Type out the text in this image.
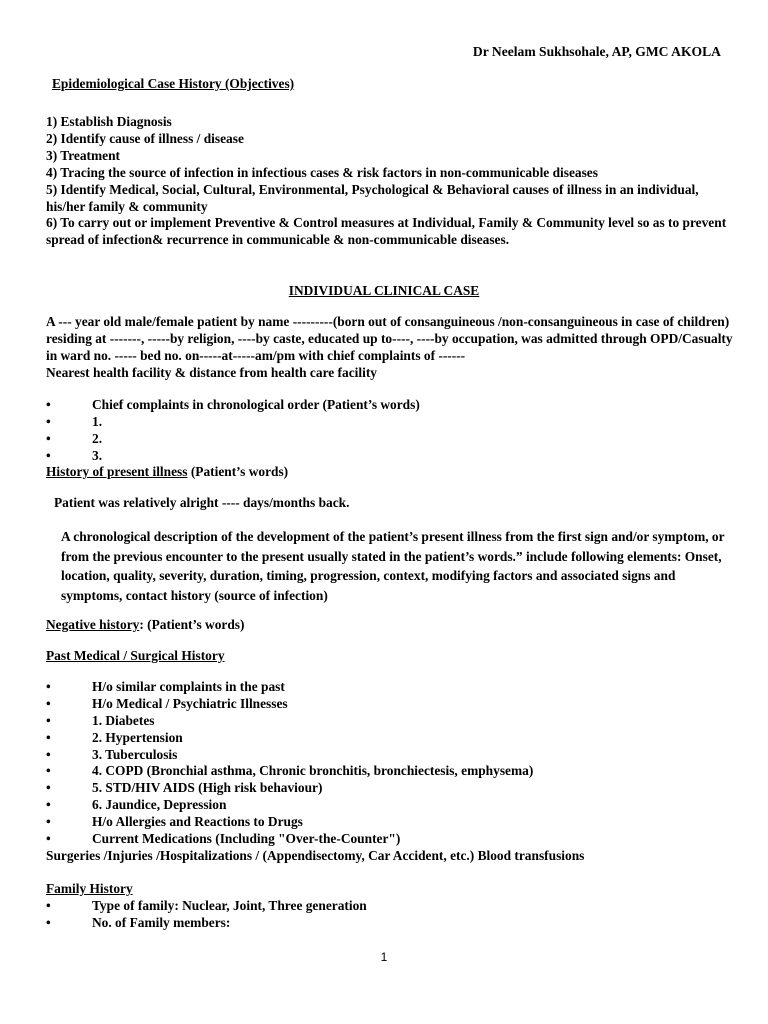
Dr Neelam Sukhsohale, AP, GMC AKOLA
Epidemiological Case History (Objectives)
1) Establish Diagnosis
2) Identify cause of illness / disease
3) Treatment
4) Tracing the source of infection in infectious cases & risk factors in non-communicable diseases
5) Identify Medical, Social, Cultural, Environmental, Psychological & Behavioral causes of illness in an individual, his/her family & community
6) To carry out or implement Preventive & Control measures at Individual, Family & Community level so as to prevent spread of infection& recurrence in communicable & non-communicable diseases.
INDIVIDUAL CLINICAL CASE
A --- year old male/female patient by name ---------(born out of consanguineous /non-consanguineous in case of children) residing at -------, -----by religion, ----by caste, educated up to----, ----by occupation, was admitted through OPD/Casualty in ward no. ----- bed no. on-----at-----am/pm with chief complaints of ------
Nearest health facility & distance from health care facility
•	Chief complaints in chronological order (Patient’s words)
•	1.
•	2.
•	3.
History of present illness (Patient’s words)
Patient was relatively alright ---- days/months back.
A chronological description of the development of the patient’s present illness from the first sign and/or symptom, or from the previous encounter to the present usually stated in the patient’s words.” include following elements: Onset, location, quality, severity, duration, timing, progression, context, modifying factors and associated signs and symptoms, contact history (source of infection)
Negative history: (Patient’s words)
Past Medical / Surgical History
•	H/o similar complaints in the past
•	H/o Medical / Psychiatric Illnesses
•	1. Diabetes
•	2. Hypertension
•	3. Tuberculosis
•	4. COPD (Bronchial asthma, Chronic bronchitis, bronchiectesis, emphysema)
•	5. STD/HIV AIDS (High risk behaviour)
•	6. Jaundice, Depression
•	H/o Allergies and Reactions to Drugs
•	Current Medications (Including "Over-the-Counter")
Surgeries /Injuries /Hospitalizations / (Appendisectomy, Car Accident, etc.) Blood transfusions
Family History
•	Type of family: Nuclear, Joint, Three generation
•	No. of Family members:
1
